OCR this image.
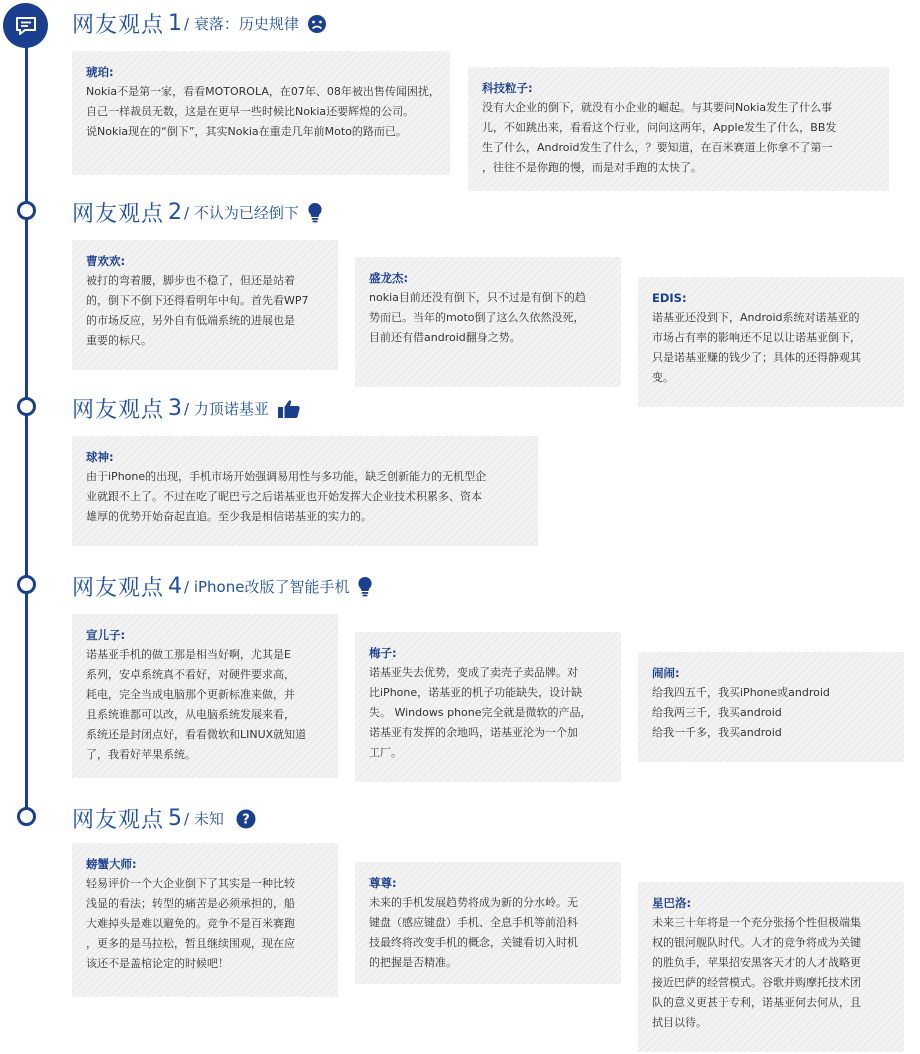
网友观点 1 / 衰落：历史规律
琥珀:
Nokia不是第一家，看看MOTOROLA，在07年、08年被出售传闻困扰，
自己一样裁员无数，这是在更早一些时候比Nokia还要辉煌的公司。
说Nokia现在的“倒下”，其实Nokia在重走几年前Moto的路而已。
科技粒子:
没有大企业的倒下，就没有小企业的崛起。与其要问Nokia发生了什么事
儿，不如跳出来，看看这个行业，问问这两年，Apple发生了什么，BB发
生了什么，Android发生了什么，？要知道，在百米赛道上你拿不了第一
，往往不是你跑的慢，而是对手跑的太快了。
网友观点 2 / 不认为已经倒下
曹欢欢:
被打的弯着腰，脚步也不稳了，但还是站着
的，倒下不倒下还得看明年中旬。首先看WP7
的市场反应，另外自有低端系统的进展也是
重要的标尺。
盛龙杰:
nokia目前还没有倒下，只不过是有倒下的趋
势而已。当年的moto倒了这么久依然没死，
目前还有借android翻身之势。
EDIS:
诺基亚还没到下，Android系统对诺基亚的
市场占有率的影响还不足以让诺基亚倒下，
只是诺基亚赚的钱少了；具体的还得静观其
变。
网友观点 3 / 力顶诺基亚
球神:
由于iPhone的出现，手机市场开始强调易用性与多功能，缺乏创新能力的无机型企
业就跟不上了。不过在吃了昵巴亏之后诺基亚也开始发挥大企业技术积累多、资本
雄厚的优势开始奋起直追。至少我是相信诺基亚的实力的。
网友观点 4 / iPhone改版了智能手机
宣儿子:
诺基亚手机的做工那是相当好啊，尤其是E
系列，安卓系统真不看好，对硬件要求高，
耗电，完全当成电脑那个更新标准来做，并
且系统谁都可以改，从电脑系统发展来看，
系统还是封闭点好，看看微软和LINUX就知道
了，我看好苹果系统。
梅子:
诺基亚失去优势，变成了卖壳子卖品牌。对
比iPhone，诺基亚的机子功能缺失，设计缺
失。 Windows phone完全就是微软的产品，
诺基亚有发挥的余地吗，诺基亚沦为一个加
工厂。
闹闹:
给我四五千，我买iPhone或android
给我两三千，我买android
给我一千多，我买android
网友观点 5 / 未知 ?
螃蟹大师:
轻易评价一个大企业倒下了其实是一种比较
浅显的看法；转型的痛苦是必须承担的，船
大难掉头是难以避免的。竞争不是百米赛跑
，更多的是马拉松，暂且继续围观，现在应
该还不是盖棺论定的时候吧！
尊尊:
未来的手机发展趋势将成为新的分水岭。无
键盘（感应键盘）手机、全息手机等前沿科
技最终将改变手机的概念，关键看切入时机
的把握是否精准。
星巴洛:
未来三十年将是一个充分张扬个性但极端集
权的银河舰队时代。人才的竞争将成为关键
的胜负手，苹果招安黑客天才的人才战略更
接近巴萨的经营模式。谷歌并购摩托技术团
队的意义更甚于专利，诺基亚何去何从，且
拭目以待。
